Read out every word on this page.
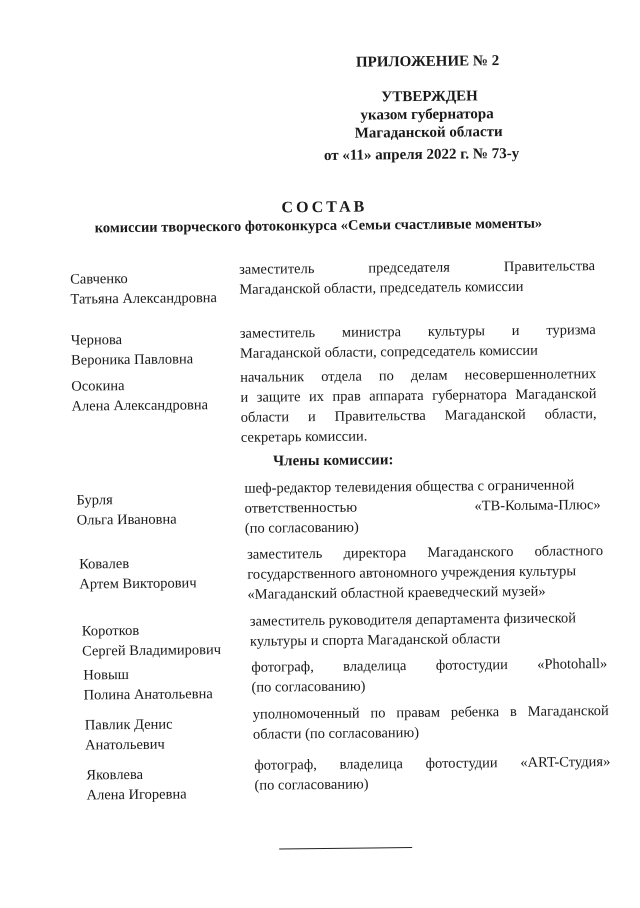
ПРИЛОЖЕНИЕ № 2
УТВЕРЖДЕН
указом губернатора
Магаданской области
от «11» апреля 2022 г. № 73-у
СОСТАВ
комиссии творческого фотоконкурса «Семьи счастливые моменты»
Савченко
Татьяна Александровна
заместитель председателя Правительства
Магаданской области, председатель комиссии
Чернова
Вероника Павловна
заместитель министра культуры и туризма
Магаданской области, сопредседатель комиссии
Осокина
Алена Александровна
начальник отдела по делам несовершеннолетних
и защите их прав аппарата губернатора Магаданской
области и Правительства Магаданской области,
секретарь комиссии.
Члены комиссии:
Бурля
Ольга Ивановна
шеф-редактор телевидения общества с ограниченной
ответственностью «ТВ-Колыма-Плюс»
(по согласованию)
Ковалев
Артем Викторович
заместитель директора Магаданского областного
государственного автономного учреждения культуры
«Магаданский областной краеведческий музей»
Коротков
Сергей Владимирович
заместитель руководителя департамента физической
культуры и спорта Магаданской области
Новыш
Полина Анатольевна
фотограф, владелица фотостудии «Photohall»
(по согласованию)
Павлик Денис
Анатольевич
уполномоченный по правам ребенка в Магаданской
области (по согласованию)
Яковлева
Алена Игоревна
фотограф, владелица фотостудии «ART-Студия»
(по согласованию)
